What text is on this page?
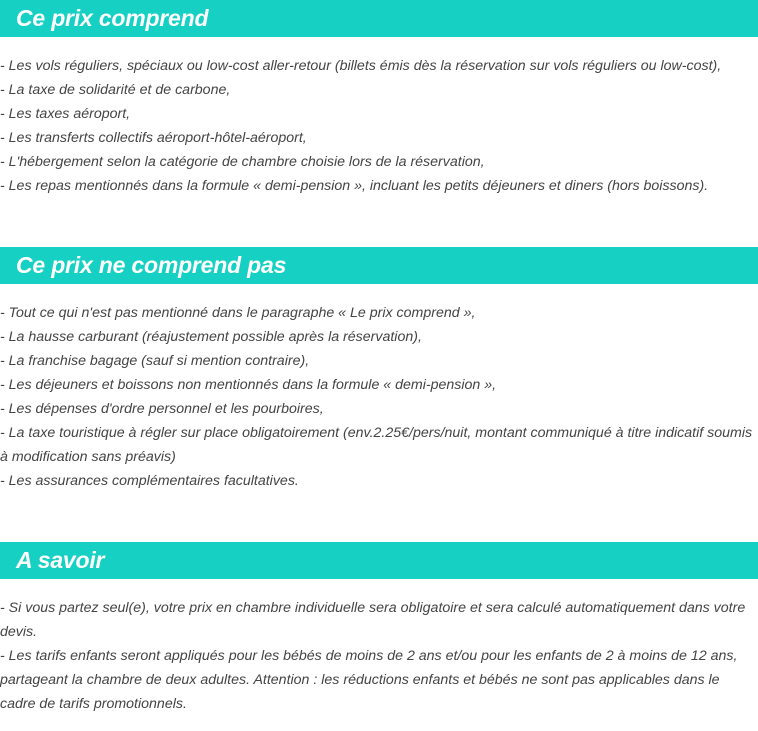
Ce prix comprend
- Les vols réguliers, spéciaux ou low-cost aller-retour (billets émis dès la réservation sur vols réguliers ou low-cost),
- La taxe de solidarité et de carbone,
- Les taxes aéroport,
- Les transferts collectifs aéroport-hôtel-aéroport,
- L'hébergement selon la catégorie de chambre choisie lors de la réservation,
- Les repas mentionnés dans la formule « demi-pension », incluant les petits déjeuners et diners (hors boissons).
Ce prix ne comprend pas
- Tout ce qui n'est pas mentionné dans le paragraphe « Le prix comprend »,
- La hausse carburant (réajustement possible après la réservation),
- La franchise bagage (sauf si mention contraire),
- Les déjeuners et boissons non mentionnés dans la formule « demi-pension »,
- Les dépenses d'ordre personnel et les pourboires,
- La taxe touristique à régler sur place obligatoirement (env.2.25€/pers/nuit, montant communiqué à titre indicatif soumis à modification sans préavis)
- Les assurances complémentaires facultatives.
A savoir
- Si vous partez seul(e), votre prix en chambre individuelle sera obligatoire et sera calculé automatiquement dans votre devis.
- Les tarifs enfants seront appliqués pour les bébés de moins de 2 ans et/ou pour les enfants de 2 à moins de 12 ans, partageant la chambre de deux adultes. Attention : les réductions enfants et bébés ne sont pas applicables dans le cadre de tarifs promotionnels.
